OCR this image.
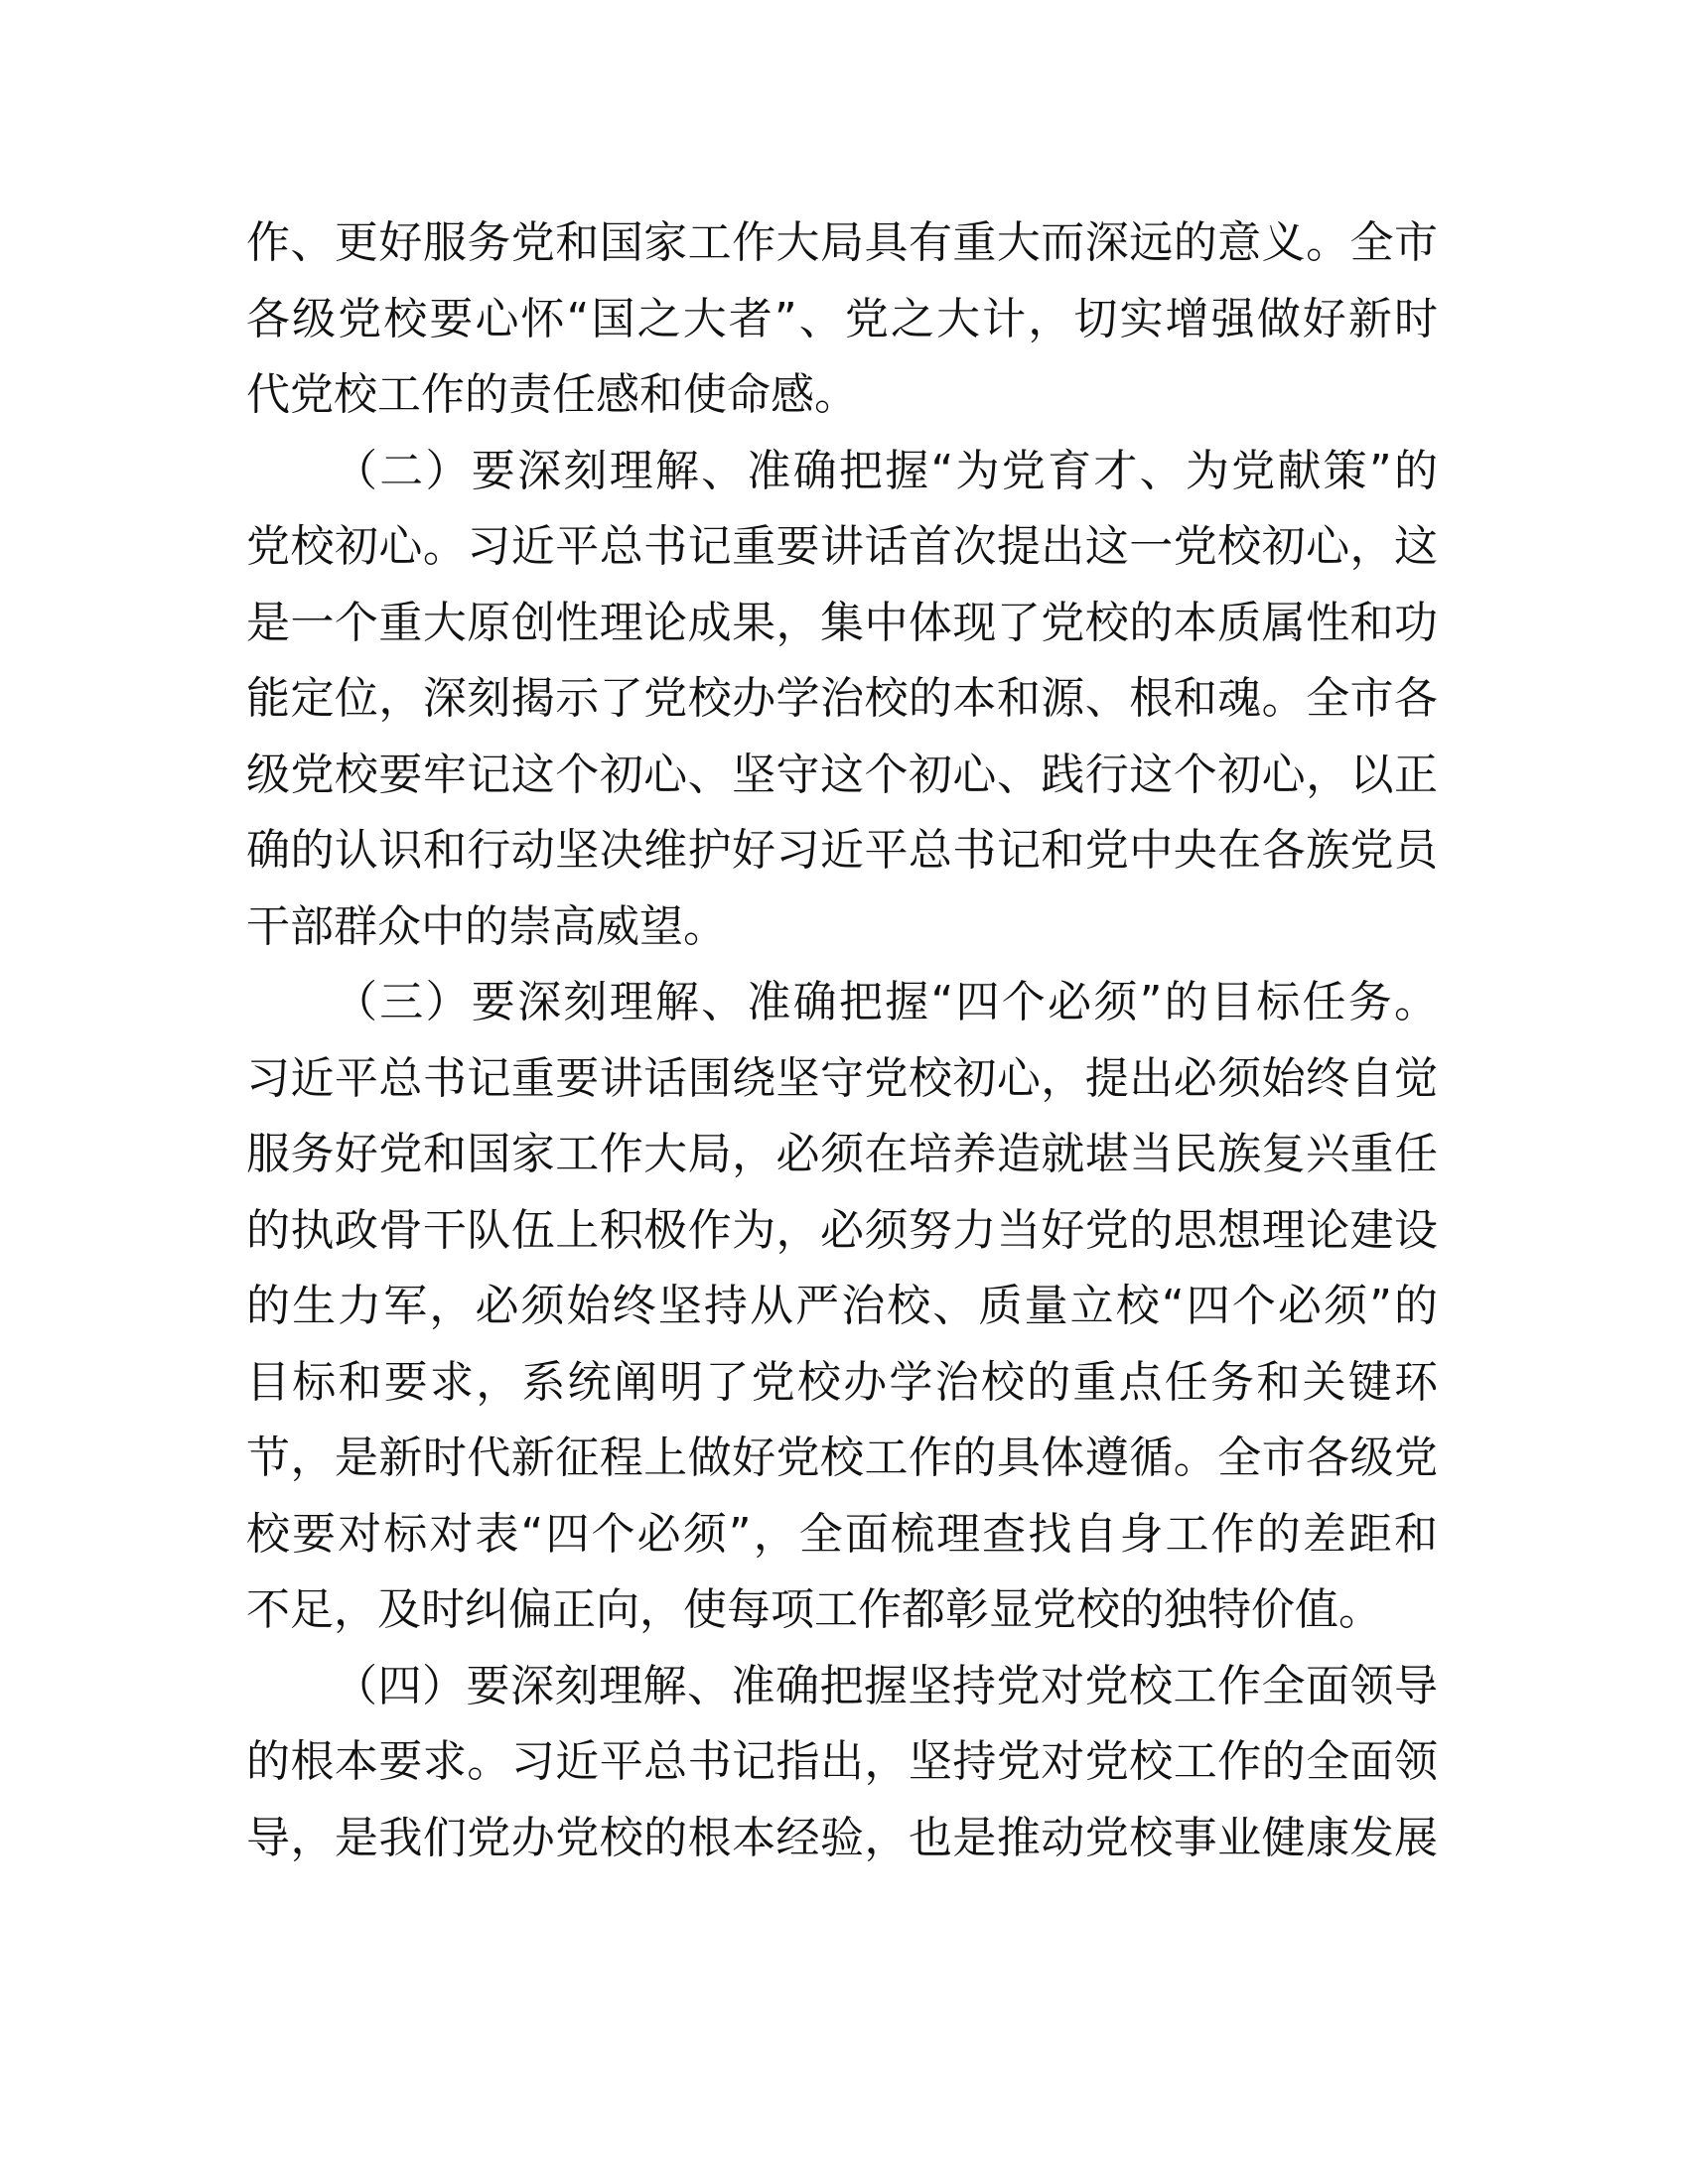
作、更好服务党和国家工作大局具有重大而深远的意义。全市
各级党校要心怀“国之大者”、党之大计，切实增强做好新时
代党校工作的责任感和使命感。
（二）要深刻理解、准确把握“为党育才、为党献策”的
党校初心。习近平总书记重要讲话首次提出这一党校初心，这
是一个重大原创性理论成果，集中体现了党校的本质属性和功
能定位，深刻揭示了党校办学治校的本和源、根和魂。全市各
级党校要牢记这个初心、坚守这个初心、践行这个初心，以正
确的认识和行动坚决维护好习近平总书记和党中央在各族党员
干部群众中的崇高威望。
（三）要深刻理解、准确把握“四个必须”的目标任务。
习近平总书记重要讲话围绕坚守党校初心，提出必须始终自觉
服务好党和国家工作大局，必须在培养造就堪当民族复兴重任
的执政骨干队伍上积极作为，必须努力当好党的思想理论建设
的生力军，必须始终坚持从严治校、质量立校“四个必须”的
目标和要求，系统阐明了党校办学治校的重点任务和关键环
节，是新时代新征程上做好党校工作的具体遵循。全市各级党
校要对标对表“四个必须”，全面梳理查找自身工作的差距和
不足，及时纠偏正向，使每项工作都彰显党校的独特价值。
（四）要深刻理解、准确把握坚持党对党校工作全面领导
的根本要求。习近平总书记指出，坚持党对党校工作的全面领
导，是我们党办党校的根本经验，也是推动党校事业健康发展
